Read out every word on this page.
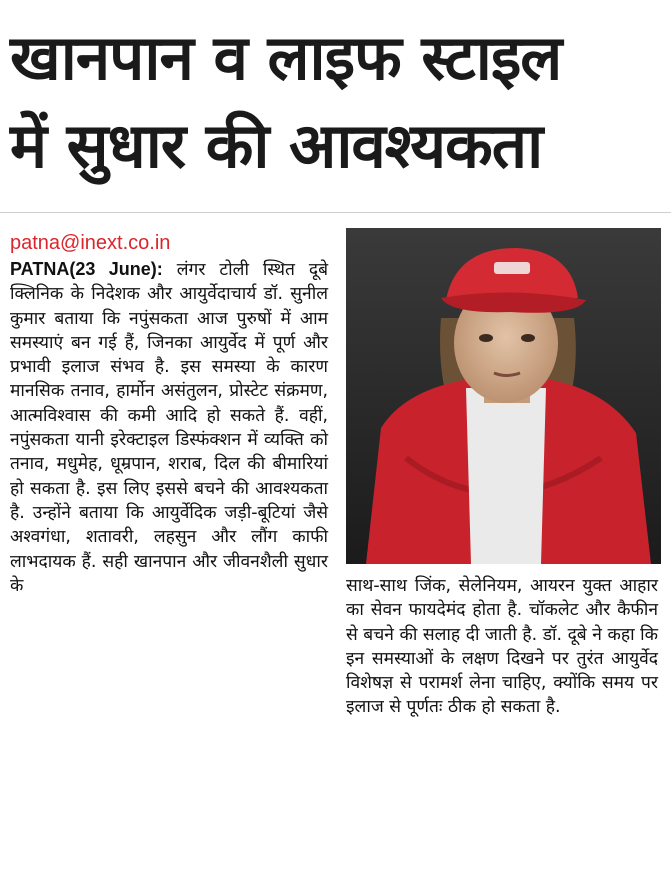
खानपान व लाइफ स्टाइल
में सुधार की आवश्यकता
patna@inext.co.in
PATNA(23 June): लंगर टोली स्थित दूबे क्लिनिक के निदेशक और आयुर्वेदाचार्य डॉ. सुनील कुमार बताया कि नपुंसकता आज पुरुषों में आम समस्याएं बन गई हैं, जिनका आयुर्वेद में पूर्ण और प्रभावी इलाज संभव है. इस समस्या के कारण मानसिक तनाव, हार्मोन असंतुलन, प्रोस्टेट संक्रमण, आत्मविश्वास की कमी आदि हो सकते हैं. वहीं, नपुंसकता यानी इरेक्टाइल डिस्फंक्शन में व्यक्ति को तनाव, मधुमेह, धूम्रपान, शराब, दिल की बीमारियां हो सकता है. इस लिए इससे बचने की आवश्यकता है. उन्होंने बताया कि आयुर्वेदिक जड़ी-बूटियां जैसे अश्वगंधा, शतावरी, लहसुन और लौंग काफी लाभदायक हैं. सही खानपान और जीवनशैली सुधार के	साथ-साथ जिंक, सेलेनियम, आयरन युक्त आहार का सेवन फायदेमंद होता है. चॉकलेट और कैफीन से बचने की सलाह दी जाती है. डॉ. दूबे ने कहा कि इन समस्याओं के लक्षण दिखने पर तुरंत आयुर्वेद विशेषज्ञ से परामर्श लेना चाहिए, क्योंकि समय पर इलाज से पूर्णतः ठीक हो सकता है.
